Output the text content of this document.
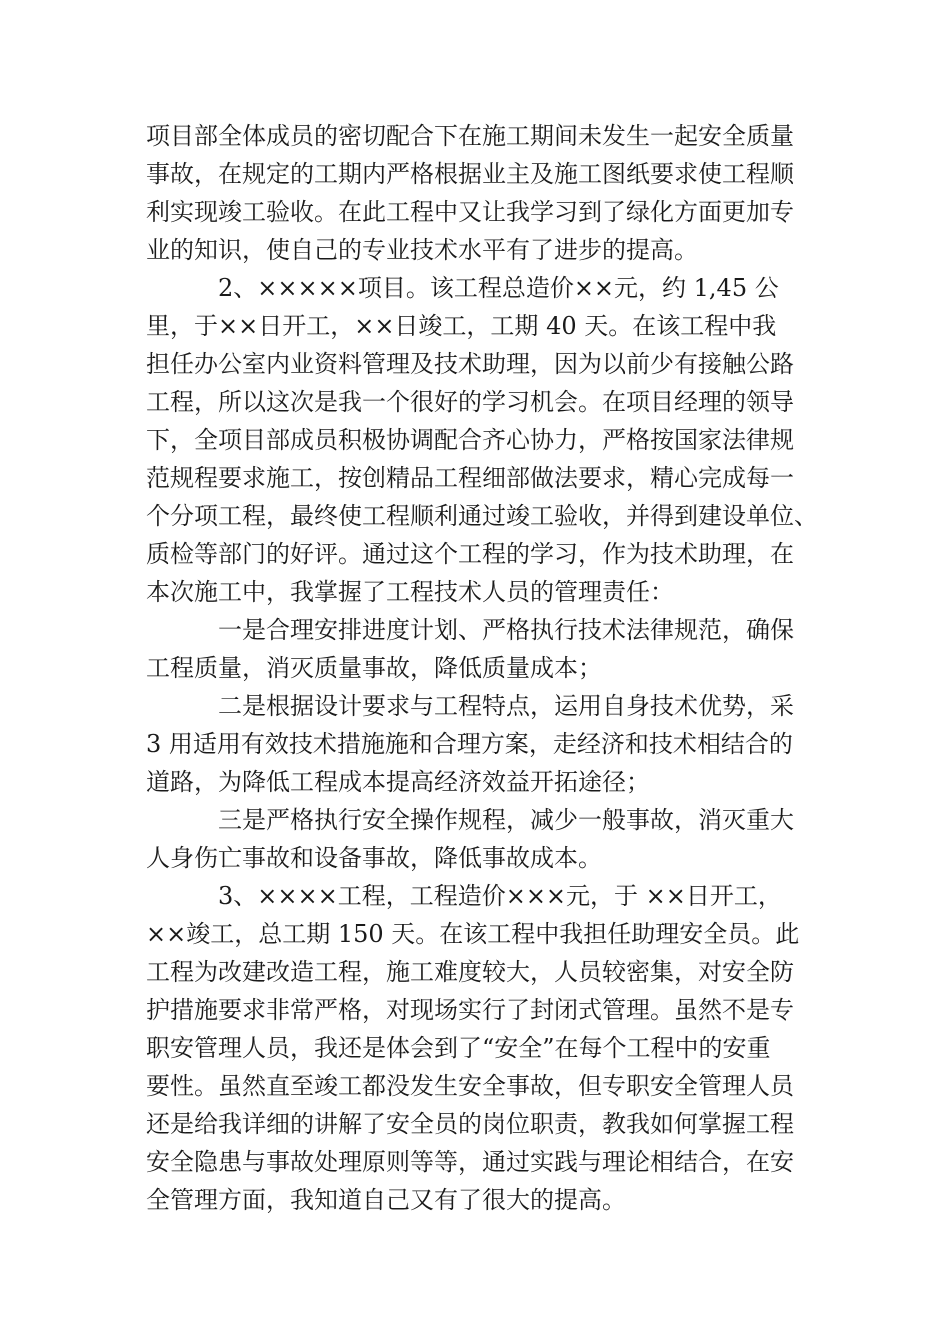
项目部全体成员的密切配合下在施工期间未发生一起安全质量
事故，在规定的工期内严格根据业主及施工图纸要求使工程顺
利实现竣工验收。在此工程中又让我学习到了绿化方面更加专
业的知识，使自己的专业技术水平有了进步的提高。
2、×××××项目。该工程总造价××元，约 1,45 公
里，于××日开工，××日竣工，工期 40 天。在该工程中我
担任办公室内业资料管理及技术助理，因为以前少有接触公路
工程，所以这次是我一个很好的学习机会。在项目经理的领导
下，全项目部成员积极协调配合齐心协力，严格按国家法律规
范规程要求施工，按创精品工程细部做法要求，精心完成每一
个分项工程，最终使工程顺利通过竣工验收，并得到建设单位、
质检等部门的好评。通过这个工程的学习，作为技术助理，在
本次施工中，我掌握了工程技术人员的管理责任：
一是合理安排进度计划、严格执行技术法律规范，确保
工程质量，消灭质量事故，降低质量成本；
二是根据设计要求与工程特点，运用自身技术优势，采
3 用适用有效技术措施施和合理方案，走经济和技术相结合的
道路，为降低工程成本提高经济效益开拓途径；
三是严格执行安全操作规程，减少一般事故，消灭重大
人身伤亡事故和设备事故，降低事故成本。
3、××××工程，工程造价×××元，于 ××日开工，
××竣工，总工期 150 天。在该工程中我担任助理安全员。此
工程为改建改造工程，施工难度较大，人员较密集，对安全防
护措施要求非常严格，对现场实行了封闭式管理。虽然不是专
职安管理人员，我还是体会到了“安全”在每个工程中的安重
要性。虽然直至竣工都没发生安全事故，但专职安全管理人员
还是给我详细的讲解了安全员的岗位职责，教我如何掌握工程
安全隐患与事故处理原则等等，通过实践与理论相结合，在安
全管理方面，我知道自己又有了很大的提高。
